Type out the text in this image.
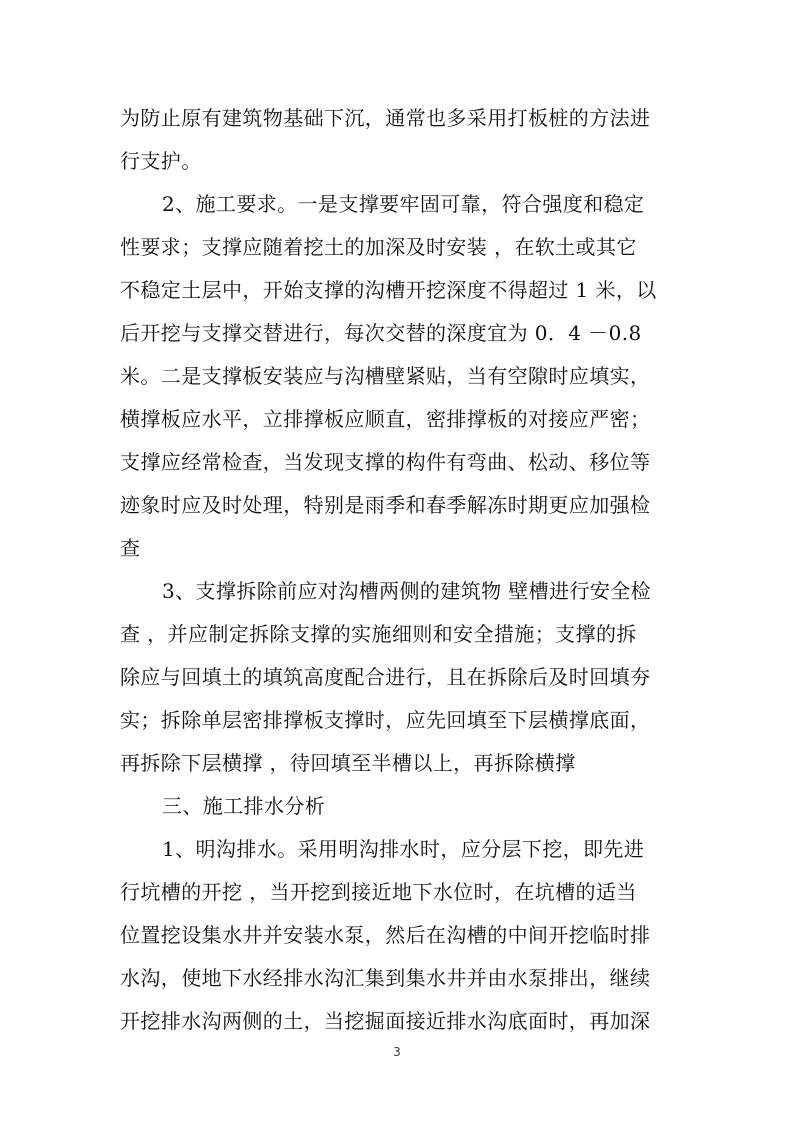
为防止原有建筑物基础下沉，通常也多采用打板桩的方法进
行支护。
2、施工要求。一是支撑要牢固可靠，符合强度和稳定
性要求；支撑应随着挖土的加深及时安装 ，在软土或其它
不稳定土层中，开始支撑的沟槽开挖深度不得超过 1 米，以
后开挖与支撑交替进行，每次交替的深度宜为 0．4 －0.8
米。二是支撑板安装应与沟槽壁紧贴，当有空隙时应填实，
横撑板应水平，立排撑板应顺直，密排撑板的对接应严密；
支撑应经常检查，当发现支撑的构件有弯曲、松动、移位等
迹象时应及时处理，特别是雨季和春季解冻时期更应加强检
查
3、支撑拆除前应对沟槽两侧的建筑物 壁槽进行安全检
查 ，并应制定拆除支撑的实施细则和安全措施；支撑的拆
除应与回填土的填筑高度配合进行，且在拆除后及时回填夯
实；拆除单层密排撑板支撑时，应先回填至下层横撑底面，
再拆除下层横撑 ，待回填至半槽以上，再拆除横撑
三、施工排水分析
1、明沟排水。采用明沟排水时，应分层下挖，即先进
行坑槽的开挖 ，当开挖到接近地下水位时，在坑槽的适当
位置挖设集水井并安装水泵，然后在沟槽的中间开挖临时排
水沟，使地下水经排水沟汇集到集水井并由水泵排出，继续
开挖排水沟两侧的土，当挖掘面接近排水沟底面时，再加深
3
